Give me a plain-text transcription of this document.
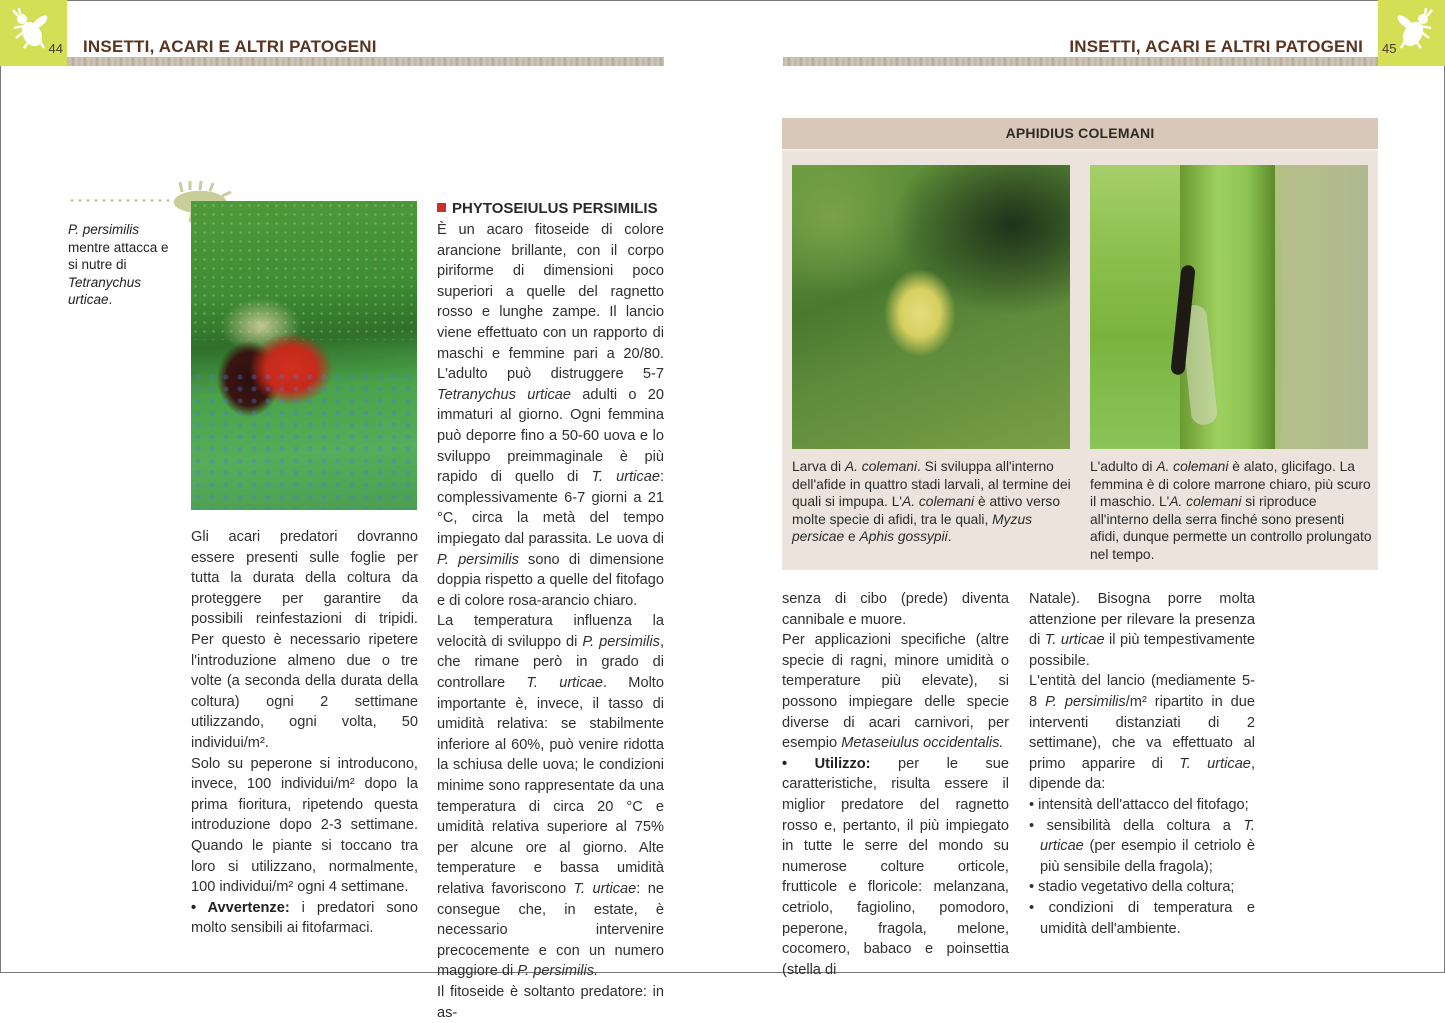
44 INSETTI, ACARI E ALTRI PATOGENI
P. persimilis mentre attacca e si nutre di Tetranychus urticae.

Gli acari predatori dovranno essere presenti sulle foglie per tutta la durata della coltura da proteggere per garantire da possibili reinfestazioni di tripidi. Per questo è necessario ripetere l'introduzione almeno due o tre volte (a seconda della durata della coltura) ogni 2 settimane utilizzando, ogni volta, 50 individui/m².

Solo su peperone si introducono, invece, 100 individui/m² dopo la prima fioritura, ripetendo questa introduzione dopo 2-3 settimane. Quando le piante si toccano tra loro si utilizzano, normalmente, 100 individui/m² ogni 4 settimane.

• Avvertenze: i predatori sono molto sensibili ai fitofarmaci.

PHYTOSEIULUS PERSIMILIS

È un acaro fitoseide di colore arancione brillante, con il corpo piriforme di dimensioni poco superiori a quelle del ragnetto rosso e lunghe zampe. Il lancio viene effettuato con un rapporto di maschi e femmine pari a 20/80. L'adulto può distruggere 5-7 Tetranychus urticae adulti o 20 immaturi al giorno. Ogni femmina può deporre fino a 50-60 uova e lo sviluppo preimmaginale è più rapido di quello di T. urticae: complessivamente 6-7 giorni a 21 °C, circa la metà del tempo impiegato dal parassita. Le uova di P. persimilis sono di dimensione doppia rispetto a quelle del fitofago e di colore rosa-arancio chiaro.

La temperatura influenza la velocità di sviluppo di P. persimilis, che rimane però in grado di controllare T. urticae. Molto importante è, invece, il tasso di umidità relativa: se stabilmente inferiore al 60%, può venire ridotta la schiusa delle uova; le condizioni minime sono rappresentate da una temperatura di circa 20 °C e umidità relativa superiore al 75% per alcune ore al giorno. Alte temperature e bassa umidità relativa favoriscono T. urticae: ne consegue che, in estate, è necessario intervenire precocemente e con un numero maggiore di P. persimilis.

Il fitoseide è soltanto predatore: in as-

45
INSETTI, ACARI E ALTRI PATOGENI
APHIDIUS COLEMANI
Larva di A. colemani. Si sviluppa all'interno dell'afide in quattro stadi larvali, al termine dei quali si impupa. L'A. colemani è attivo verso molte specie di afidi, tra le quali, Myzus persicae e Aphis gossypii.
L'adulto di A. colemani è alato, glicifago. La femmina è di colore marrone chiaro, più scuro il maschio. L'A. colemani si riproduce all'interno della serra finché sono presenti afidi, dunque permette un controllo prolungato nel tempo.

senza di cibo (prede) diventa cannibale e muore.

Per applicazioni specifiche (altre specie di ragni, minore umidità o temperature più elevate), si possono impiegare delle specie diverse di acari carnivori, per esempio Metaseiulus occidentalis.

• Utilizzo: per le sue caratteristiche, risulta essere il miglior predatore del ragnetto rosso e, pertanto, il più impiegato in tutte le serre del mondo su numerose colture orticole, frutticole e floricole: melanzana, cetriolo, fagiolino, pomodoro, peperone, fragola, melone, cocomero, babaco e poinsettia (stella di

Natale). Bisogna porre molta attenzione per rilevare la presenza di T. urticae il più tempestivamente possibile.

L'entità del lancio (mediamente 5-8 P. persimilis/m² ripartito in due interventi distanziati di 2 settimane), che va effettuato al primo apparire di T. urticae, dipende da:

• intensità dell'attacco del fitofago;

• sensibilità della coltura a T. urticae (per esempio il cetriolo è più sensibile della fragola);

• stadio vegetativo della coltura;

• condizioni di temperatura e umidità dell'ambiente.
